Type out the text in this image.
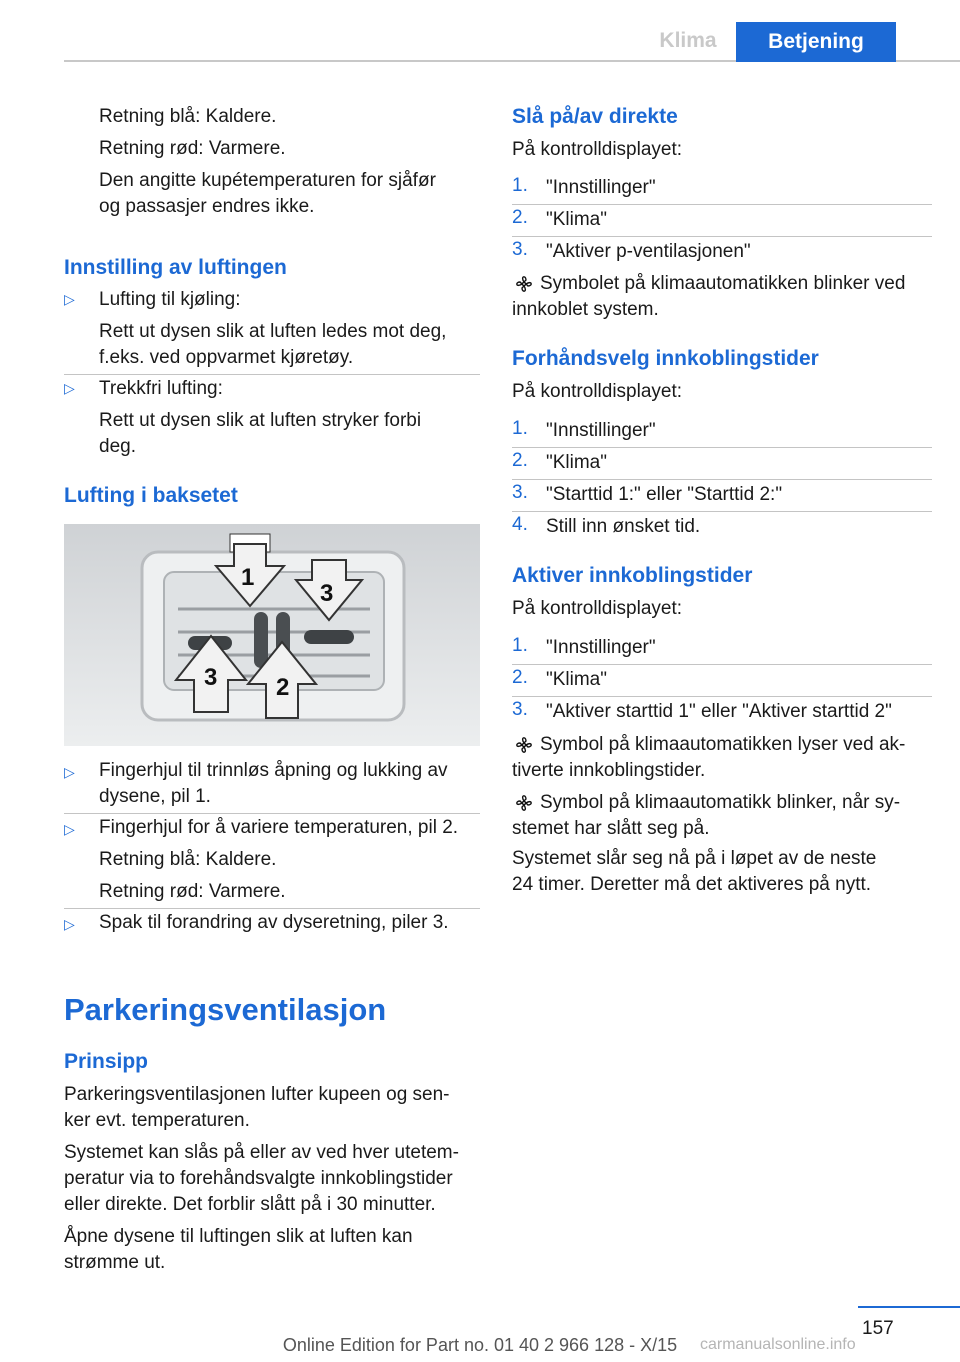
Klima	Betjening

Retning blå: Kaldere.

Retning rød: Varmere.

Den angitte kupétemperaturen for sjåfør

og passasjer endres ikke.

Innstilling av luftingen
▷ Lufting til kjøling:

Rett ut dysen slik at luften ledes mot deg,

f.eks. ved oppvarmet kjøretøy.

▷ Trekkfri lufting:

Rett ut dysen slik at luften stryker forbi

deg.

Lufting i baksetet
1
2
3
3
▷ Fingerhjul til trinnløs åpning og lukking av

dysene, pil 1.

▷ Fingerhjul for å variere temperaturen, pil 2.

Retning blå: Kaldere.

Retning rød: Varmere.

▷ Spak til forandring av dyseretning, piler 3.

Parkeringsventilasjon
Prinsipp

Parkeringsventilasjonen lufter kupeen og sen‐

ker evt. temperaturen.

Systemet kan slås på eller av ved hver utetem‐

peratur via to forehåndsvalgte innkoblingstider

eller direkte. Det forblir slått på i 30 minutter.

Åpne dysene til luftingen slik at luften kan

strømme ut.

Slå på/av direkte

På kontrolldisplayet:

1. "Innstillinger"

2. "Klima"

3. "Aktiver p-ventilasjonen"

Symbolet på klimaautomatikken blinker ved

innkoblet system.

Forhåndsvelg innkoblingstider

På kontrolldisplayet:

1. "Innstillinger"

2. "Klima"

3. "Starttid 1:" eller "Starttid 2:"

4. Still inn ønsket tid.

Aktiver innkoblingstider

På kontrolldisplayet:

1. "Innstillinger"

2. "Klima"

3. "Aktiver starttid 1" eller "Aktiver starttid 2"

Symbol på klimaautomatikken lyser ved ak‐

tiverte innkoblingstider.

Symbol på klimaautomatikk blinker, når sy‐

stemet har slått seg på.

Systemet slår seg nå på i løpet av de neste

24 timer. Deretter må det aktiveres på nytt.

157
Online Edition for Part no. 01 40 2 966 128 - X/15	carmanualsonline.info
